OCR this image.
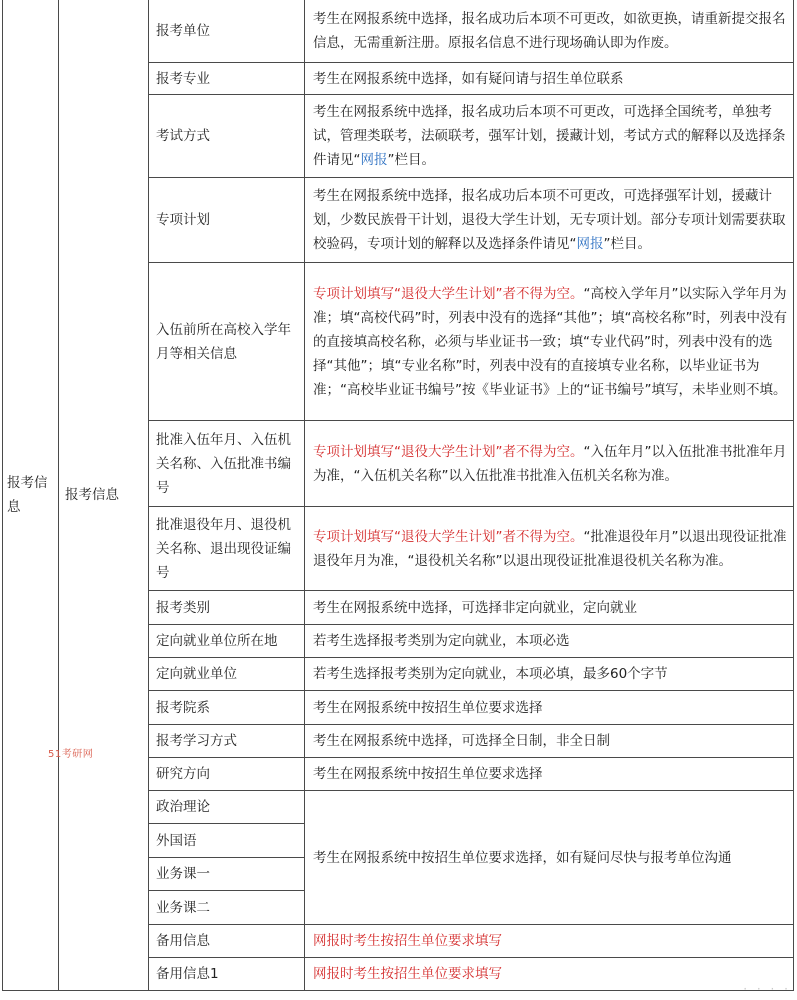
报考信息	报考信息	报考单位	考生在网报系统中选择，报名成功后本项不可更改，如欲更换，请重新提交报名信息，无需重新注册。原报名信息不进行现场确认即为作废。
		报考专业	考生在网报系统中选择，如有疑问请与招生单位联系
		考试方式	考生在网报系统中选择，报名成功后本项不可更改，可选择全国统考，单独考试，管理类联考，法硕联考，强军计划，援藏计划，考试方式的解释以及选择条件请见“网报”栏目。
		专项计划	考生在网报系统中选择，报名成功后本项不可更改，可选择强军计划，援藏计划，少数民族骨干计划，退役大学生计划，无专项计划。部分专项计划需要获取校验码，专项计划的解释以及选择条件请见“网报”栏目。
		入伍前所在高校入学年月等相关信息	专项计划填写“退役大学生计划”者不得为空。“高校入学年月”以实际入学年月为准；填“高校代码”时，列表中没有的选择“其他”；填“高校名称”时，列表中没有的直接填高校名称，必须与毕业证书一致；填“专业代码”时，列表中没有的选择“其他”；填“专业名称”时，列表中没有的直接填专业名称，以毕业证书为准；“高校毕业证书编号”按《毕业证书》上的“证书编号”填写，未毕业则不填。
		批准入伍年月、入伍机关名称、入伍批准书编号	专项计划填写“退役大学生计划”者不得为空。“入伍年月”以入伍批准书批准年月为准，“入伍机关名称”以入伍批准书批准入伍机关名称为准。
		批准退役年月、退役机关名称、退出现役证编号	专项计划填写“退役大学生计划”者不得为空。“批准退役年月”以退出现役证批准退役年月为准，“退役机关名称”以退出现役证批准退役机关名称为准。
		报考类别	考生在网报系统中选择，可选择非定向就业，定向就业
		定向就业单位所在地	若考生选择报考类别为定向就业，本项必选
		定向就业单位	若考生选择报考类别为定向就业，本项必填，最多60个字节
		报考院系	考生在网报系统中按招生单位要求选择
		报考学习方式	考生在网报系统中选择，可选择全日制，非全日制
		研究方向	考生在网报系统中按招生单位要求选择
		政治理论	考生在网报系统中按招生单位要求选择，如有疑问尽快与报考单位沟通
		外国语	
		业务课一	
		业务课二	
		备用信息	网报时考生按招生单位要求填写
		备用信息1	网报时考生按招生单位要求填写
51考研网
· · · ·
